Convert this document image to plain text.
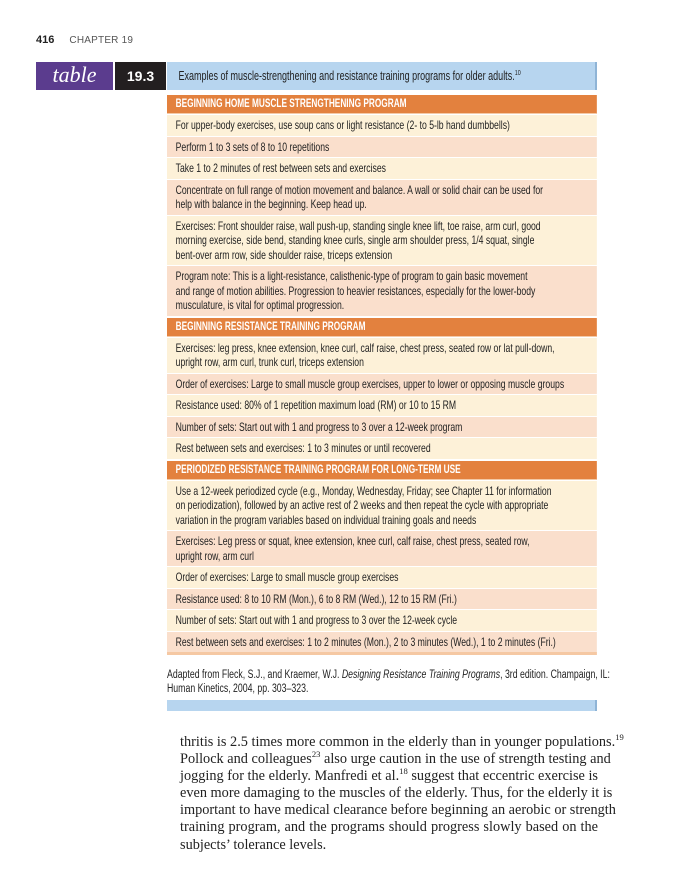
416 CHAPTER 19
table	19.3	Examples of muscle-strengthening and resistance training programs for older adults.$^{10}$
BEGINNING HOME MUSCLE STRENGTHENING PROGRAM
For upper-body exercises, use soup cans or light resistance (2- to 5-lb hand dumbbells)
Perform 1 to 3 sets of 8 to 10 repetitions
Take 1 to 2 minutes of rest between sets and exercises
Concentrate on full range of motion movement and balance. A wall or solid chair can be used for
help with balance in the beginning. Keep head up.
Exercises: Front shoulder raise, wall push-up, standing single knee lift, toe raise, arm curl, good
morning exercise, side bend, standing knee curls, single arm shoulder press, 1/4 squat, single
bent-over arm row, side shoulder raise, triceps extension
Program note: This is a light-resistance, calisthenic-type of program to gain basic movement
and range of motion abilities. Progression to heavier resistances, especially for the lower-body
musculature, is vital for optimal progression.
BEGINNING RESISTANCE TRAINING PROGRAM
Exercises: leg press, knee extension, knee curl, calf raise, chest press, seated row or lat pull-down,
upright row, arm curl, trunk curl, triceps extension
Order of exercises: Large to small muscle group exercises, upper to lower or opposing muscle groups
Resistance used: 80% of 1 repetition maximum load (RM) or 10 to 15 RM
Number of sets: Start out with 1 and progress to 3 over a 12-week program
Rest between sets and exercises: 1 to 3 minutes or until recovered
PERIODIZED RESISTANCE TRAINING PROGRAM FOR LONG-TERM USE
Use a 12-week periodized cycle (e.g., Monday, Wednesday, Friday; see Chapter 11 for information
on periodization), followed by an active rest of 2 weeks and then repeat the cycle with appropriate
variation in the program variables based on individual training goals and needs
Exercises: Leg press or squat, knee extension, knee curl, calf raise, chest press, seated row,
upright row, arm curl
Order of exercises: Large to small muscle group exercises
Resistance used: 8 to 10 RM (Mon.), 6 to 8 RM (Wed.), 12 to 15 RM (Fri.)
Number of sets: Start out with 1 and progress to 3 over the 12-week cycle
Rest between sets and exercises: 1 to 2 minutes (Mon.), 2 to 3 minutes (Wed.), 1 to 2 minutes (Fri.)
Adapted from Fleck, S.J., and Kraemer, W.J. Designing Resistance Training Programs, 3rd edition. Champaign, IL:
Human Kinetics, 2004, pp. 303–323.
thritis is 2.5 times more common in the elderly than in younger populations.$^{19}$
Pollock and colleagues$^{23}$ also urge caution in the use of strength testing and
jogging for the elderly. Manfredi et al.$^{18}$ suggest that eccentric exercise is
even more damaging to the muscles of the elderly. Thus, for the elderly it is
important to have medical clearance before beginning an aerobic or strength
training program, and the programs should progress slowly based on the
subjects’ tolerance levels.
